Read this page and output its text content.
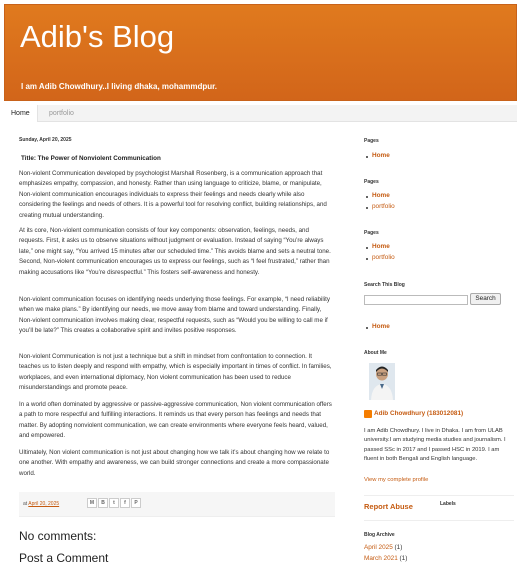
Adib's Blog
I am Adib Chowdhury..I living dhaka, mohammdpur.
Home	portfolio
Sunday, April 20, 2025
Title: The Power of Nonviolent Communication
Non-violent Communication developed by psychologist Marshall Rosenberg, is a communication approach that emphasizes empathy, compassion, and honesty. Rather than using language to criticize, blame, or manipulate, Non-violent communication encourages individuals to express their feelings and needs clearly while also considering the feelings and needs of others. It is a powerful tool for resolving conflict, building relationships, and creating mutual understanding.
At its core, Non-violent communication consists of four key components: observation, feelings, needs, and requests. First, it asks us to observe situations without judgment or evaluation. Instead of saying “You’re always late,” one might say, “You arrived 15 minutes after our scheduled time.” This avoids blame and sets a neutral tone. Second, Non-violent communication encourages us to express our feelings, such as “I feel frustrated,” rather than making accusations like “You’re disrespectful.” This fosters self-awareness and honesty.
Non-violent communication focuses on identifying needs underlying those feelings. For example, “I need reliability when we make plans.” By identifying our needs, we move away from blame and toward understanding. Finally, Non-violent communication involves making clear, respectful requests, such as “Would you be willing to call me if you’ll be late?” This creates a collaborative spirit and invites positive responses.
Non-violent Communication is not just a technique but a shift in mindset from confrontation to connection. It teaches us to listen deeply and respond with empathy, which is especially important in times of conflict. In families, workplaces, and even international diplomacy, Non violent communication has been used to reduce misunderstandings and promote peace.
In a world often dominated by aggressive or passive-aggressive communication, Non violent communication offers a path to more respectful and fulfilling interactions. It reminds us that every person has feelings and needs that matter. By adopting nonviolent communication, we can create environments where everyone feels heard, valued, and empowered.
Ultimately, Non violent communication is not just about changing how we talk it’s about changing how we relate to one another. With empathy and awareness, we can build stronger connections and create a more compassionate world.
at April 20, 2025	M	B	t	f	P
No comments:
Post a Comment
Pages
Home
Pages
Home
portfolio
Pages
Home
portfolio
Search This Blog
Search
Home
About Me
Adib Chowdhury (183012081)
I am Adib Chowdhury. I live in Dhaka. I am from ULAB university.I am studying media studies and journalism. I passed SSc in 2017 and I passed HSC in 2019. I am fluent in both Bengali and English language.
View my complete profile
Report Abuse	Labels
Blog Archive
April 2025 (1)
March 2021 (1)
